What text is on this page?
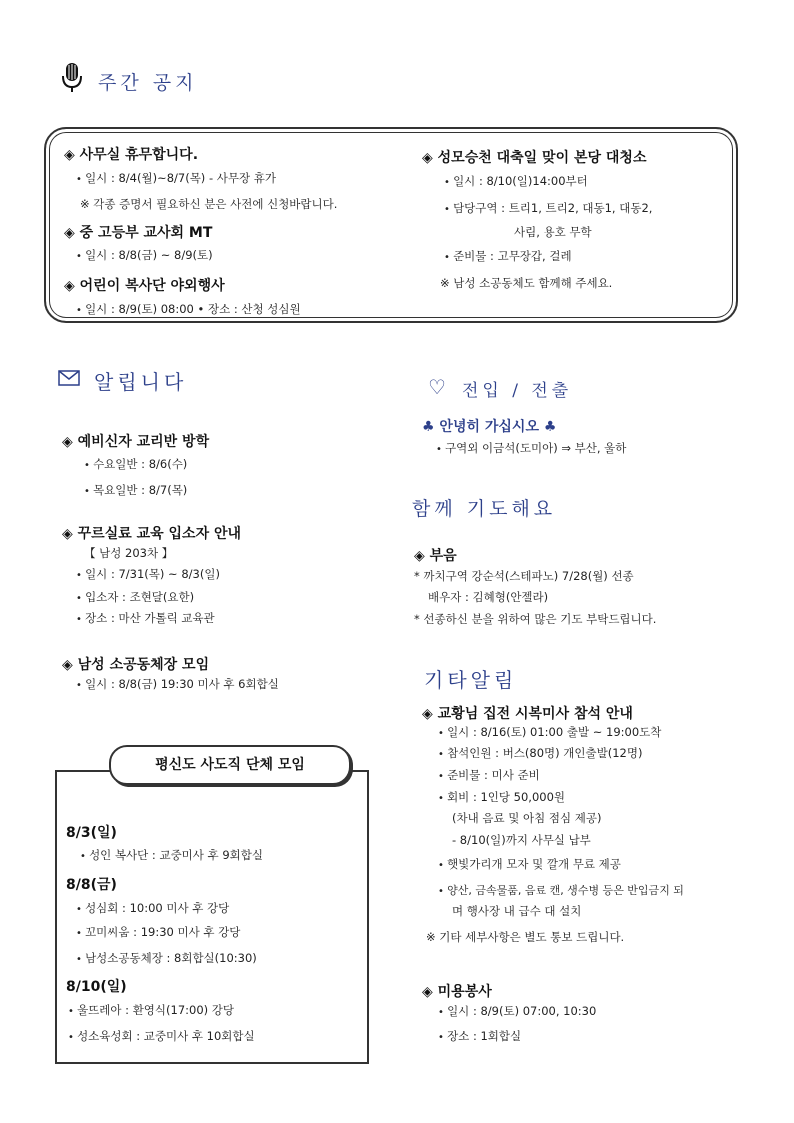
주간 공지
◈ 사무실 휴무합니다.
• 일시 : 8/4(월)~8/7(목) - 사무장 휴가
※ 각종 증명서 필요하신 분은 사전에 신청바랍니다.
◈ 중 고등부 교사회 MT
• 일시 : 8/8(금) ~ 8/9(토)
◈ 어린이 복사단 야외행사
• 일시 : 8/9(토) 08:00 • 장소 : 산청 성심원
◈ 성모승천 대축일 맞이 본당 대청소
• 일시 : 8/10(일)14:00부터
• 담당구역 : 트리1, 트리2, 대동1, 대동2,
사림, 용호 무학
• 준비물 : 고무장갑, 걸레
※ 남성 소공동체도 함께해 주세요.
알립니다
◈ 예비신자 교리반 방학
• 수요일반 : 8/6(수)
• 목요일반 : 8/7(목)
◈ 꾸르실료 교육 입소자 안내
【 남성 203차 】
• 일시 : 7/31(목) ~ 8/3(일)
• 입소자 : 조현달(요한)
• 장소 : 마산 가톨릭 교육관
◈ 남성 소공동체장 모임
• 일시 : 8/8(금) 19:30 미사 후 6회합실
평신도 사도직 단체 모임
8/3(일)
• 성인 복사단 : 교중미사 후 9회합실
8/8(금)
• 성심회 : 10:00 미사 후 강당
• 꼬미씨움 : 19:30 미사 후 강당
• 남성소공동체장 : 8회합실(10:30)
8/10(일)
• 울뜨레아 : 환영식(17:00) 강당
• 성소육성회 : 교중미사 후 10회합실
♡ 전입 / 전출
♣ 안녕히 가십시오 ♣
• 구역외 이금석(도미아) ⇒ 부산, 울하
함께 기도해요
◈ 부음
* 까치구역 강순석(스테파노) 7/28(월) 선종
배우자 : 김혜형(안젤라)
* 선종하신 분을 위하여 많은 기도 부탁드립니다.
기타알림
◈ 교황님 집전 시복미사 참석 안내
• 일시 : 8/16(토) 01:00 출발 ~ 19:00도착
• 참석인원 : 버스(80명) 개인출발(12명)
• 준비물 : 미사 준비
• 회비 : 1인당 50,000원
(차내 음료 및 아침 점심 제공)
- 8/10(일)까지 사무실 납부
• 햇빛가리개 모자 및 깔개 무료 제공
• 양산, 금속물품, 음료 캔, 생수병 등은 반입금지 되
며 행사장 내 급수 대 설치
※ 기타 세부사항은 별도 통보 드립니다.
◈ 미용봉사
• 일시 : 8/9(토) 07:00, 10:30
• 장소 : 1회합실
